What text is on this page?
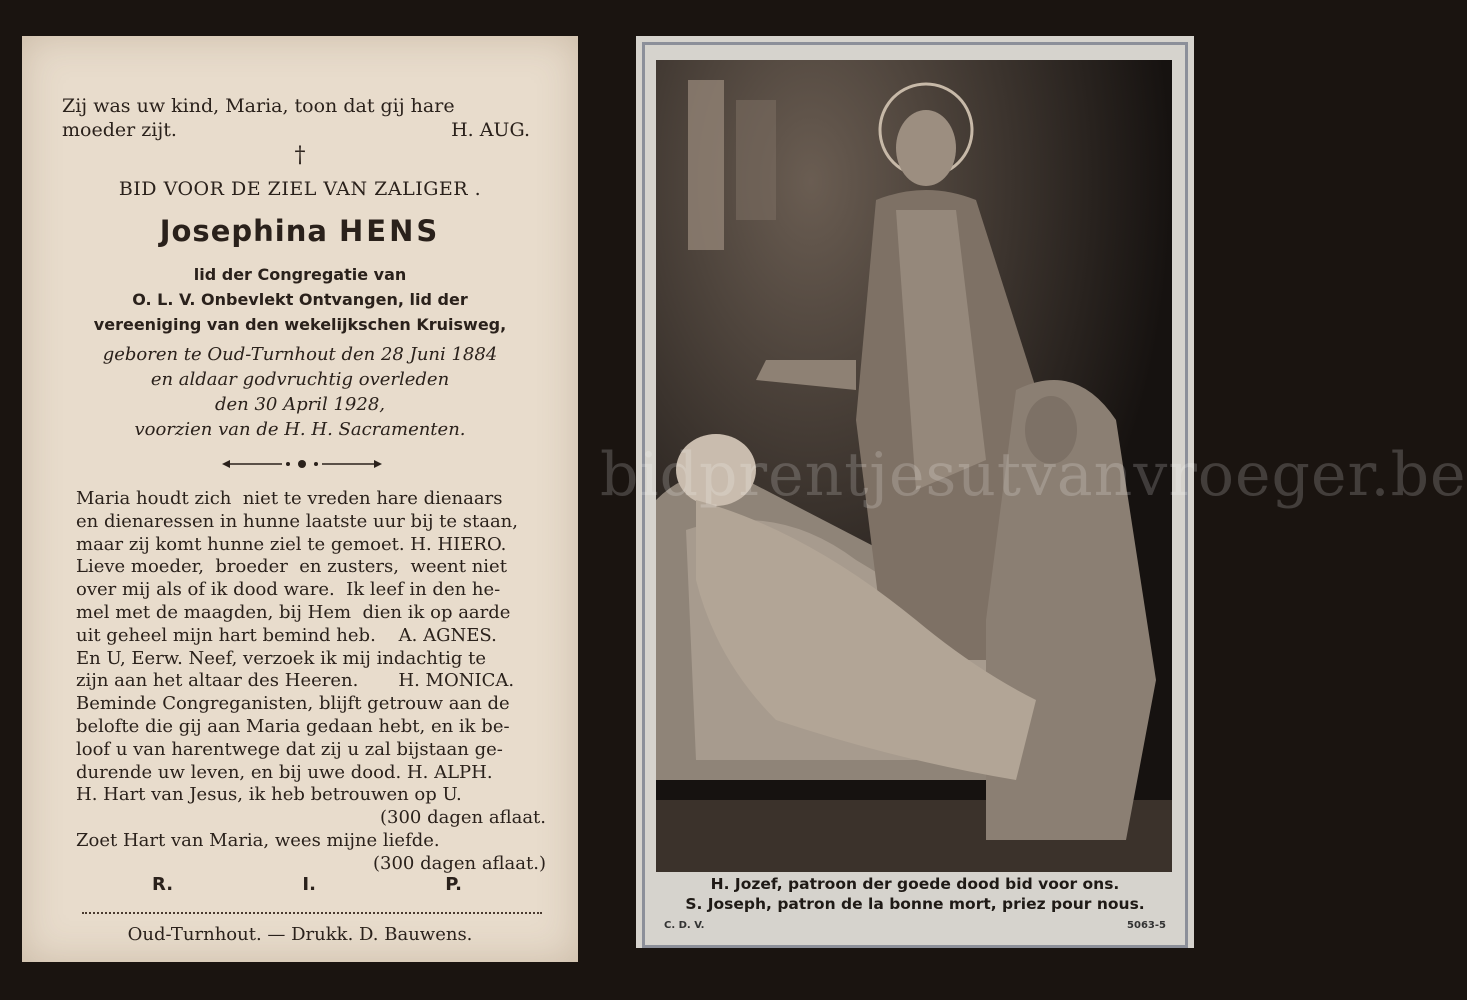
Zij was uw kind, Maria, toon dat gij hare
moeder zijt.	H. AUG.
†
BID VOOR DE ZIEL VAN ZALIGER .
Josephina HENS
lid der Congregatie van
O. L. V. Onbevlekt Ontvangen, lid der
vereeniging van den wekelijkschen Kruisweg,
geboren te Oud-Turnhout den 28 Juni 1884
en aldaar godvruchtig overleden
den 30 April 1928,
voorzien van de H. H. Sacramenten.
Maria houdt zich  niet te vreden hare dienaars
en dienaressen in hunne laatste uur bij te staan,
maar zij komt hunne ziel te gemoet. H. HIERO.
Lieve moeder,  broeder  en zusters,  weent niet
over mij als of ik dood ware.  Ik leef in den he-
mel met de maagden, bij Hem  dien ik op aarde
uit geheel mijn hart bemind heb.    A. AGNES.
En U, Eerw. Neef, verzoek ik mij indachtig te
zijn aan het altaar des Heeren.       H. MONICA.
Beminde Congreganisten, blijft getrouw aan de
belofte die gij aan Maria gedaan hebt, en ik be-
loof u van harentwege dat zij u zal bijstaan ge-
durende uw leven, en bij uwe dood. H. ALPH.
H. Hart van Jesus, ik heb betrouwen op U.
(300 dagen aflaat.
Zoet Hart van Maria, wees mijne liefde.
(300 dagen aflaat.)
R.	I.	P.
Oud-Turnhout. — Drukk. D. Bauwens.
H. Jozef, patroon der goede dood bid voor ons.
S. Joseph, patron de la bonne mort, priez pour nous.
C. D. V.	5063-5
bidprentjesutvanvroeger.be
